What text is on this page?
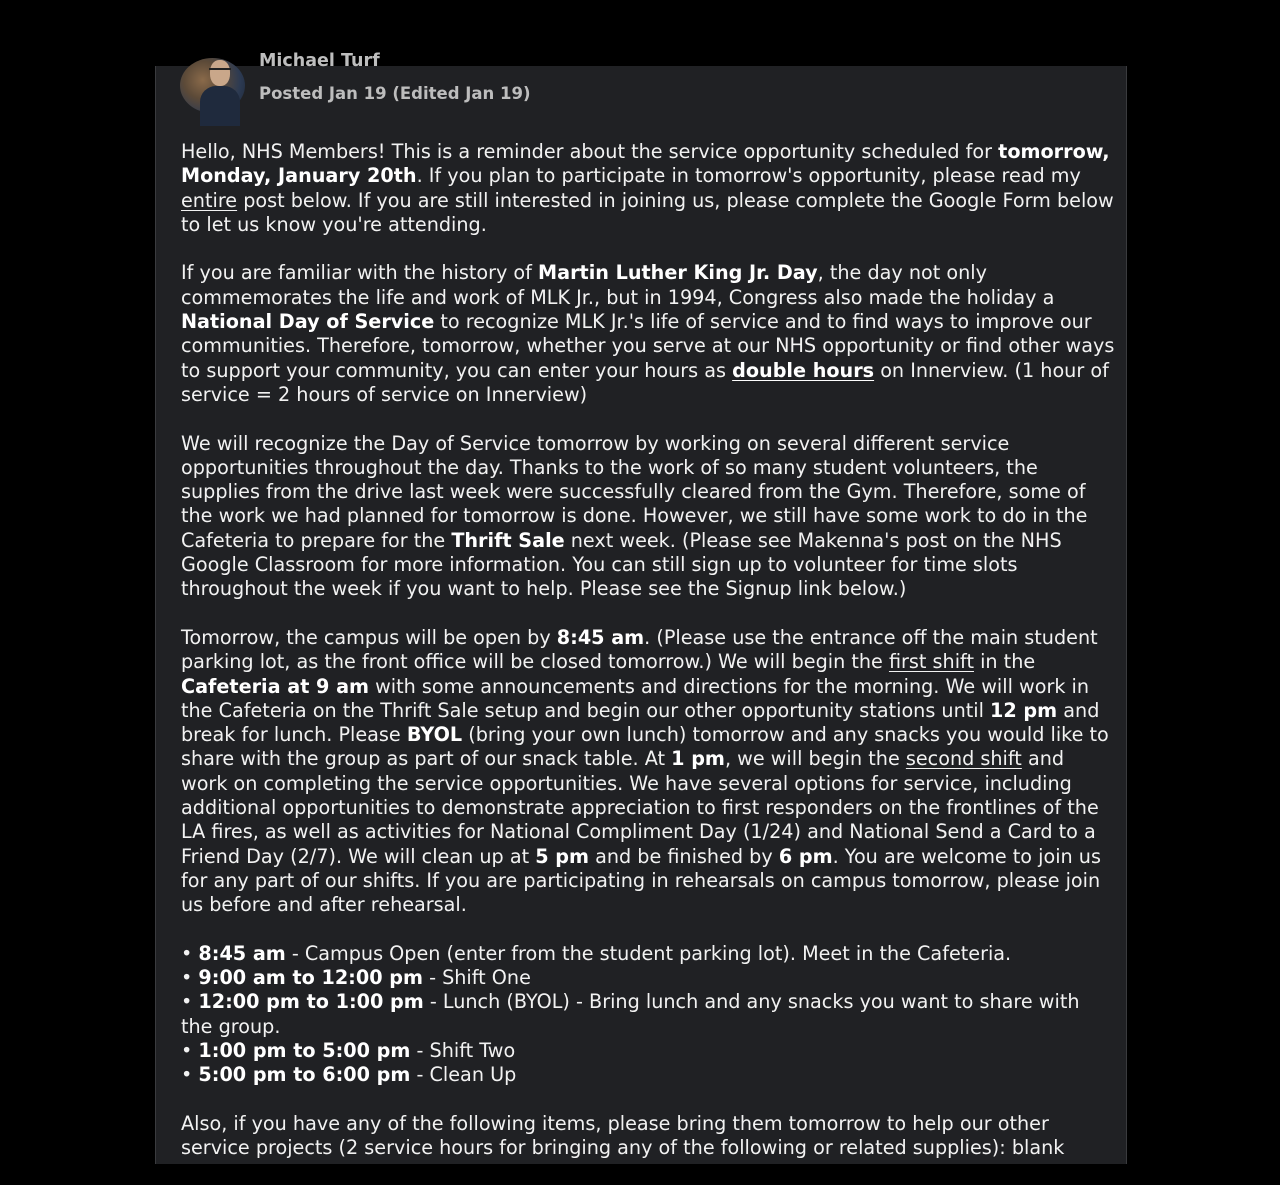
Michael Turf
Posted Jan 19 (Edited Jan 19)

Hello, NHS Members! This is a reminder about the service opportunity scheduled for tomorrow, Monday, January 20th. If you plan to participate in tomorrow's opportunity, please read my entire post below. If you are still interested in joining us, please complete the Google Form below to let us know you're attending.

If you are familiar with the history of Martin Luther King Jr. Day, the day not only commemorates the life and work of MLK Jr., but in 1994, Congress also made the holiday a National Day of Service to recognize MLK Jr.'s life of service and to find ways to improve our communities. Therefore, tomorrow, whether you serve at our NHS opportunity or find other ways to support your community, you can enter your hours as double hours on Innerview. (1 hour of service = 2 hours of service on Innerview)

We will recognize the Day of Service tomorrow by working on several different service opportunities throughout the day. Thanks to the work of so many student volunteers, the supplies from the drive last week were successfully cleared from the Gym. Therefore, some of the work we had planned for tomorrow is done. However, we still have some work to do in the Cafeteria to prepare for the Thrift Sale next week. (Please see Makenna's post on the NHS Google Classroom for more information. You can still sign up to volunteer for time slots throughout the week if you want to help. Please see the Signup link below.)

Tomorrow, the campus will be open by 8:45 am. (Please use the entrance off the main student parking lot, as the front office will be closed tomorrow.) We will begin the first shift in the Cafeteria at 9 am with some announcements and directions for the morning. We will work in the Cafeteria on the Thrift Sale setup and begin our other opportunity stations until 12 pm and break for lunch. Please BYOL (bring your own lunch) tomorrow and any snacks you would like to share with the group as part of our snack table. At 1 pm, we will begin the second shift and work on completing the service opportunities. We have several options for service, including additional opportunities to demonstrate appreciation to first responders on the frontlines of the LA fires, as well as activities for National Compliment Day (1/24) and National Send a Card to a Friend Day (2/7). We will clean up at 5 pm and be finished by 6 pm. You are welcome to join us for any part of our shifts. If you are participating in rehearsals on campus tomorrow, please join us before and after rehearsal.

• 8:45 am - Campus Open (enter from the student parking lot). Meet in the Cafeteria.
• 9:00 am to 12:00 pm - Shift One
• 12:00 pm to 1:00 pm - Lunch (BYOL) - Bring lunch and any snacks you want to share with the group.
• 1:00 pm to 5:00 pm - Shift Two
• 5:00 pm to 6:00 pm - Clean Up

Also, if you have any of the following items, please bring them tomorrow to help our other service projects (2 service hours for bringing any of the following or related supplies): blank
